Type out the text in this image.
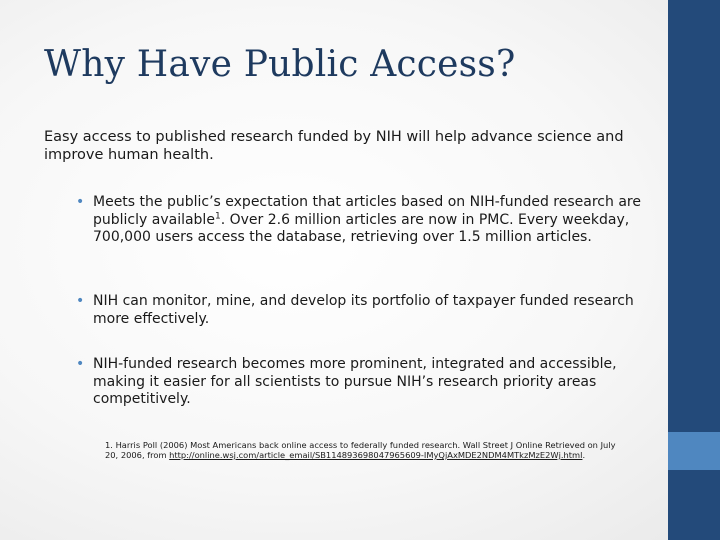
Why Have Public Access?
Easy access to published research funded by NIH will help advance science and improve human health.
• Meets the public’s expectation that articles based on NIH-funded research are publicly available$^1$. Over 2.6 million articles are now in PMC. Every weekday, 700,000 users access the database, retrieving over 1.5 million articles.
• NIH can monitor, mine, and develop its portfolio of taxpayer funded research more effectively.
• NIH-funded research becomes more prominent, integrated and accessible, making it easier for all scientists to pursue NIH’s research priority areas competitively.
1. Harris Poll (2006) Most Americans back online access to federally funded research. Wall Street J Online Retrieved on July 20, 2006, from http://online.wsj.com/article_email/SB114893698047965609-IMyQjAxMDE2NDM4MTkzMzE2Wj.html.
